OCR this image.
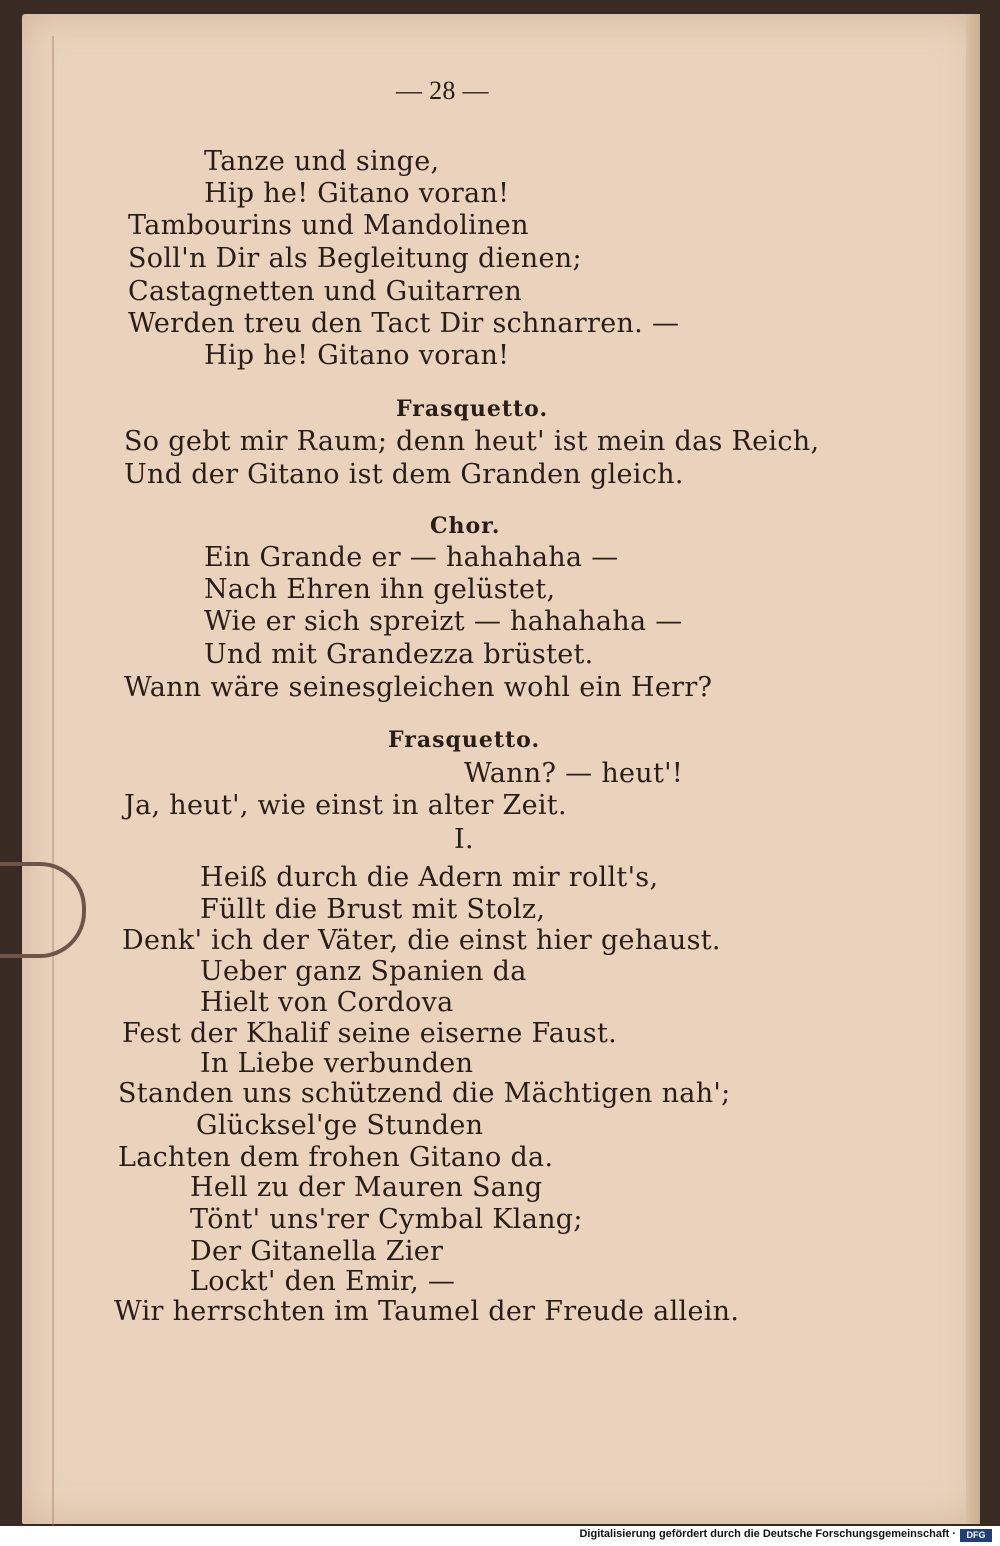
— 28 —
Tanze und singe,
Hip he! Gitano voran!
Tambourins und Mandolinen
Soll'n Dir als Begleitung dienen;
Castagnetten und Guitarren
Werden treu den Tact Dir schnarren. —
Hip he! Gitano voran!
Frasquetto.
So gebt mir Raum; denn heut' ist mein das Reich,
Und der Gitano ist dem Granden gleich.
Chor.
Ein Grande er — hahahaha —
Nach Ehren ihn gelüstet,
Wie er sich spreizt — hahahaha —
Und mit Grandezza brüstet.
Wann wäre seinesgleichen wohl ein Herr?
Frasquetto.
Wann? — heut'!
Ja, heut', wie einst in alter Zeit.
I.
Heiß durch die Adern mir rollt's,
Füllt die Brust mit Stolz,
Denk' ich der Väter, die einst hier gehaust.
Ueber ganz Spanien da
Hielt von Cordova
Fest der Khalif seine eiserne Faust.
In Liebe verbunden
Standen uns schützend die Mächtigen nah';
Glücksel'ge Stunden
Lachten dem frohen Gitano da.
Hell zu der Mauren Sang
Tönt' uns'rer Cymbal Klang;
Der Gitanella Zier
Lockt' den Emir, —
Wir herrschten im Taumel der Freude allein.
Digitalisierung gefördert durch die Deutsche Forschungsgemeinschaft ·	DFG
